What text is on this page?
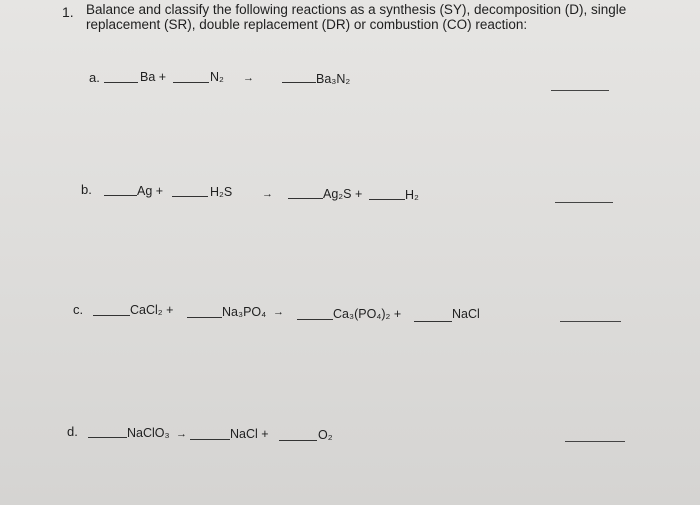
1. Balance and classify the following reactions as a synthesis (SY), decomposition (D), single
replacement (SR), double replacement (DR) or combustion (CO) reaction:
a.	Ba +	N₂ →	Ba₃N₂
b.	Ag +	H₂S	→	Ag₂S +	H₂
c.	CaCl₂ +	Na₃PO₄ →	Ca₃(PO₄)₂ +	NaCl
d.	NaClO₃ →	NaCl +	O₂
